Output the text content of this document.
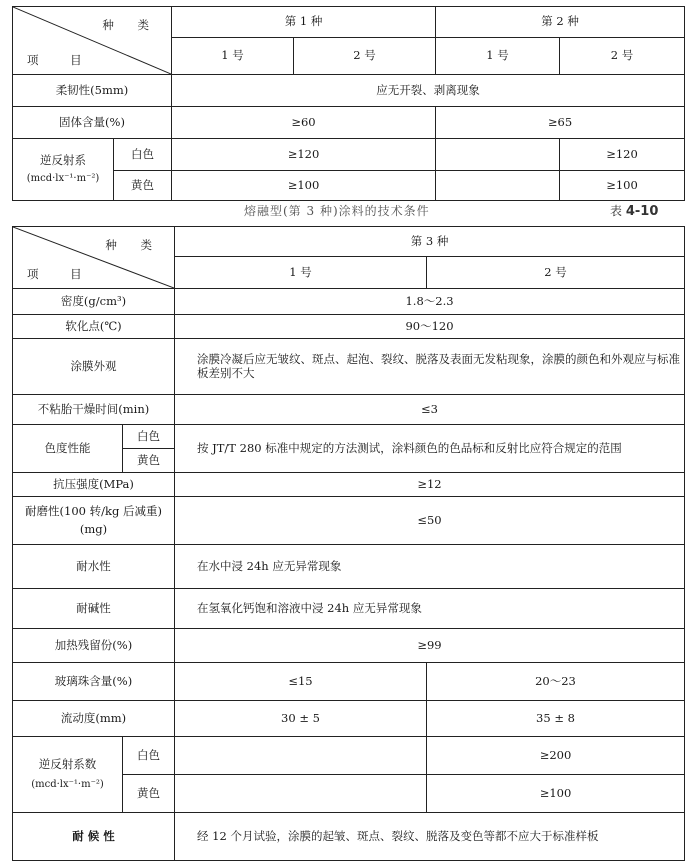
种 类
项 目		第 1 种		第 2 种	
		1 号	2 号	1 号	2 号
柔韧性(5mm)		应无开裂、剥离现象			
固体含量(%)		≥60		≥65	

逆反射系
(mcd·lx⁻¹·m⁻²)	白色	≥120			≥120
	黄色	≥100			≥100
熔融型(第 3 种)涂料的技术条件	表 4-10
种 类
项 目		第 3 种	
		1 号	2 号
密度(g/cm³)		1.8～2.3	
软化点(℃)		90～120	
涂膜外观		涂膜冷凝后应无皱纹、斑点、起泡、裂纹、脱落及表面无发粘现象，涂膜的颜色和外观应与标准板差别不大	
不粘胎干燥时间(min)		≤3	
色度性能	白色	按 JT/T 280 标准中规定的方法测试，涂料颜色的色品标和反射比应符合规定的范围	
	黄色		
抗压强度(MPa)		≥12	

耐磨性(100 转/kg 后减重)
(mg)		≤50	
耐水性		在水中浸 24h 应无异常现象	
耐碱性		在氢氧化钙饱和溶液中浸 24h 应无异常现象	
加热残留份(%)		≥99	
玻璃珠含量(%)		≤15	20～23
流动度(mm)		30 ± 5	35 ± 8

逆反射系数
(mcd·lx⁻¹·m⁻²)	白色		≥200
	黄色		≥100
耐 候 性		经 12 个月试验，涂膜的起皱、斑点、裂纹、脱落及变色等都不应大于标准样板	
